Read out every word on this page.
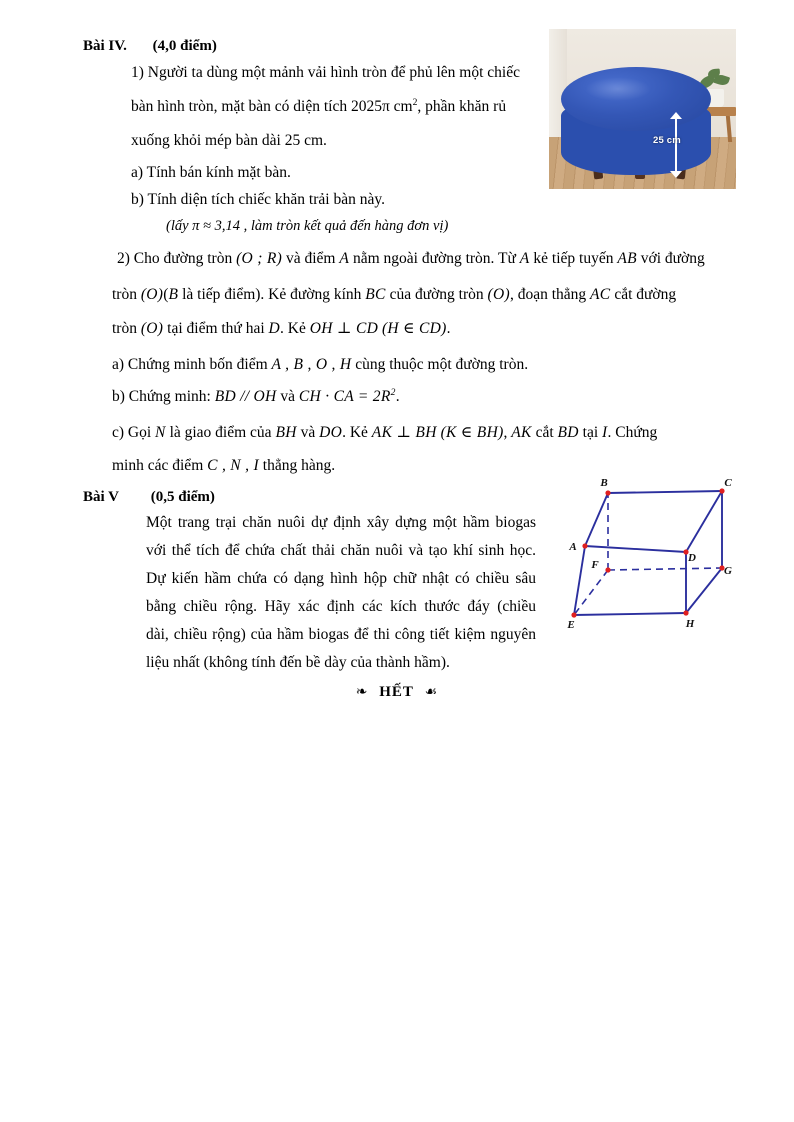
Bài IV. (4,0 điểm)
25 cm
1) Người ta dùng một mảnh vải hình tròn để phủ lên một chiếc
bàn hình tròn, mặt bàn có diện tích 2025π $cm^2$, phần khăn rủ
xuống khỏi mép bàn dài 25 cm.
a) Tính bán kính mặt bàn.
b) Tính diện tích chiếc khăn trải bàn này.
(lấy π ≈ 3,14 , làm tròn kết quả đến hàng đơn vị)
2) Cho đường tròn (O ; R) và điểm A nằm ngoài đường tròn. Từ A kẻ tiếp tuyến AB với đường
tròn (O)(B là tiếp điểm). Kẻ đường kính BC của đường tròn (O), đoạn thẳng AC cắt đường
tròn (O) tại điểm thứ hai D. Kẻ OH ⊥ CD (H ∈ CD).
a) Chứng minh bốn điểm A , B , O , H cùng thuộc một đường tròn.
b) Chứng minh: BD // OH và CH · CA = $2R^2$.
c) Gọi N là giao điểm của BH và DO. Kẻ AK ⊥ BH (K ∈ BH), AK cắt BD tại I. Chứng
minh các điểm C , N , I thẳng hàng.
Bài V (0,5 điểm)
Một trang trại chăn nuôi dự định xây dựng một hầm biogas
với thể tích để chứa chất thải chăn nuôi và tạo khí sinh học.
Dự kiến hầm chứa có dạng hình hộp chữ nhật có chiều sâu
bằng chiều rộng. Hãy xác định các kích thước đáy (chiều
dài, chiều rộng) của hầm biogas để thi công tiết kiệm nguyên
liệu nhất (không tính đến bề dày của thành hầm).
A
B	C
D
E
F	G
H
❧ HẾT ☙
